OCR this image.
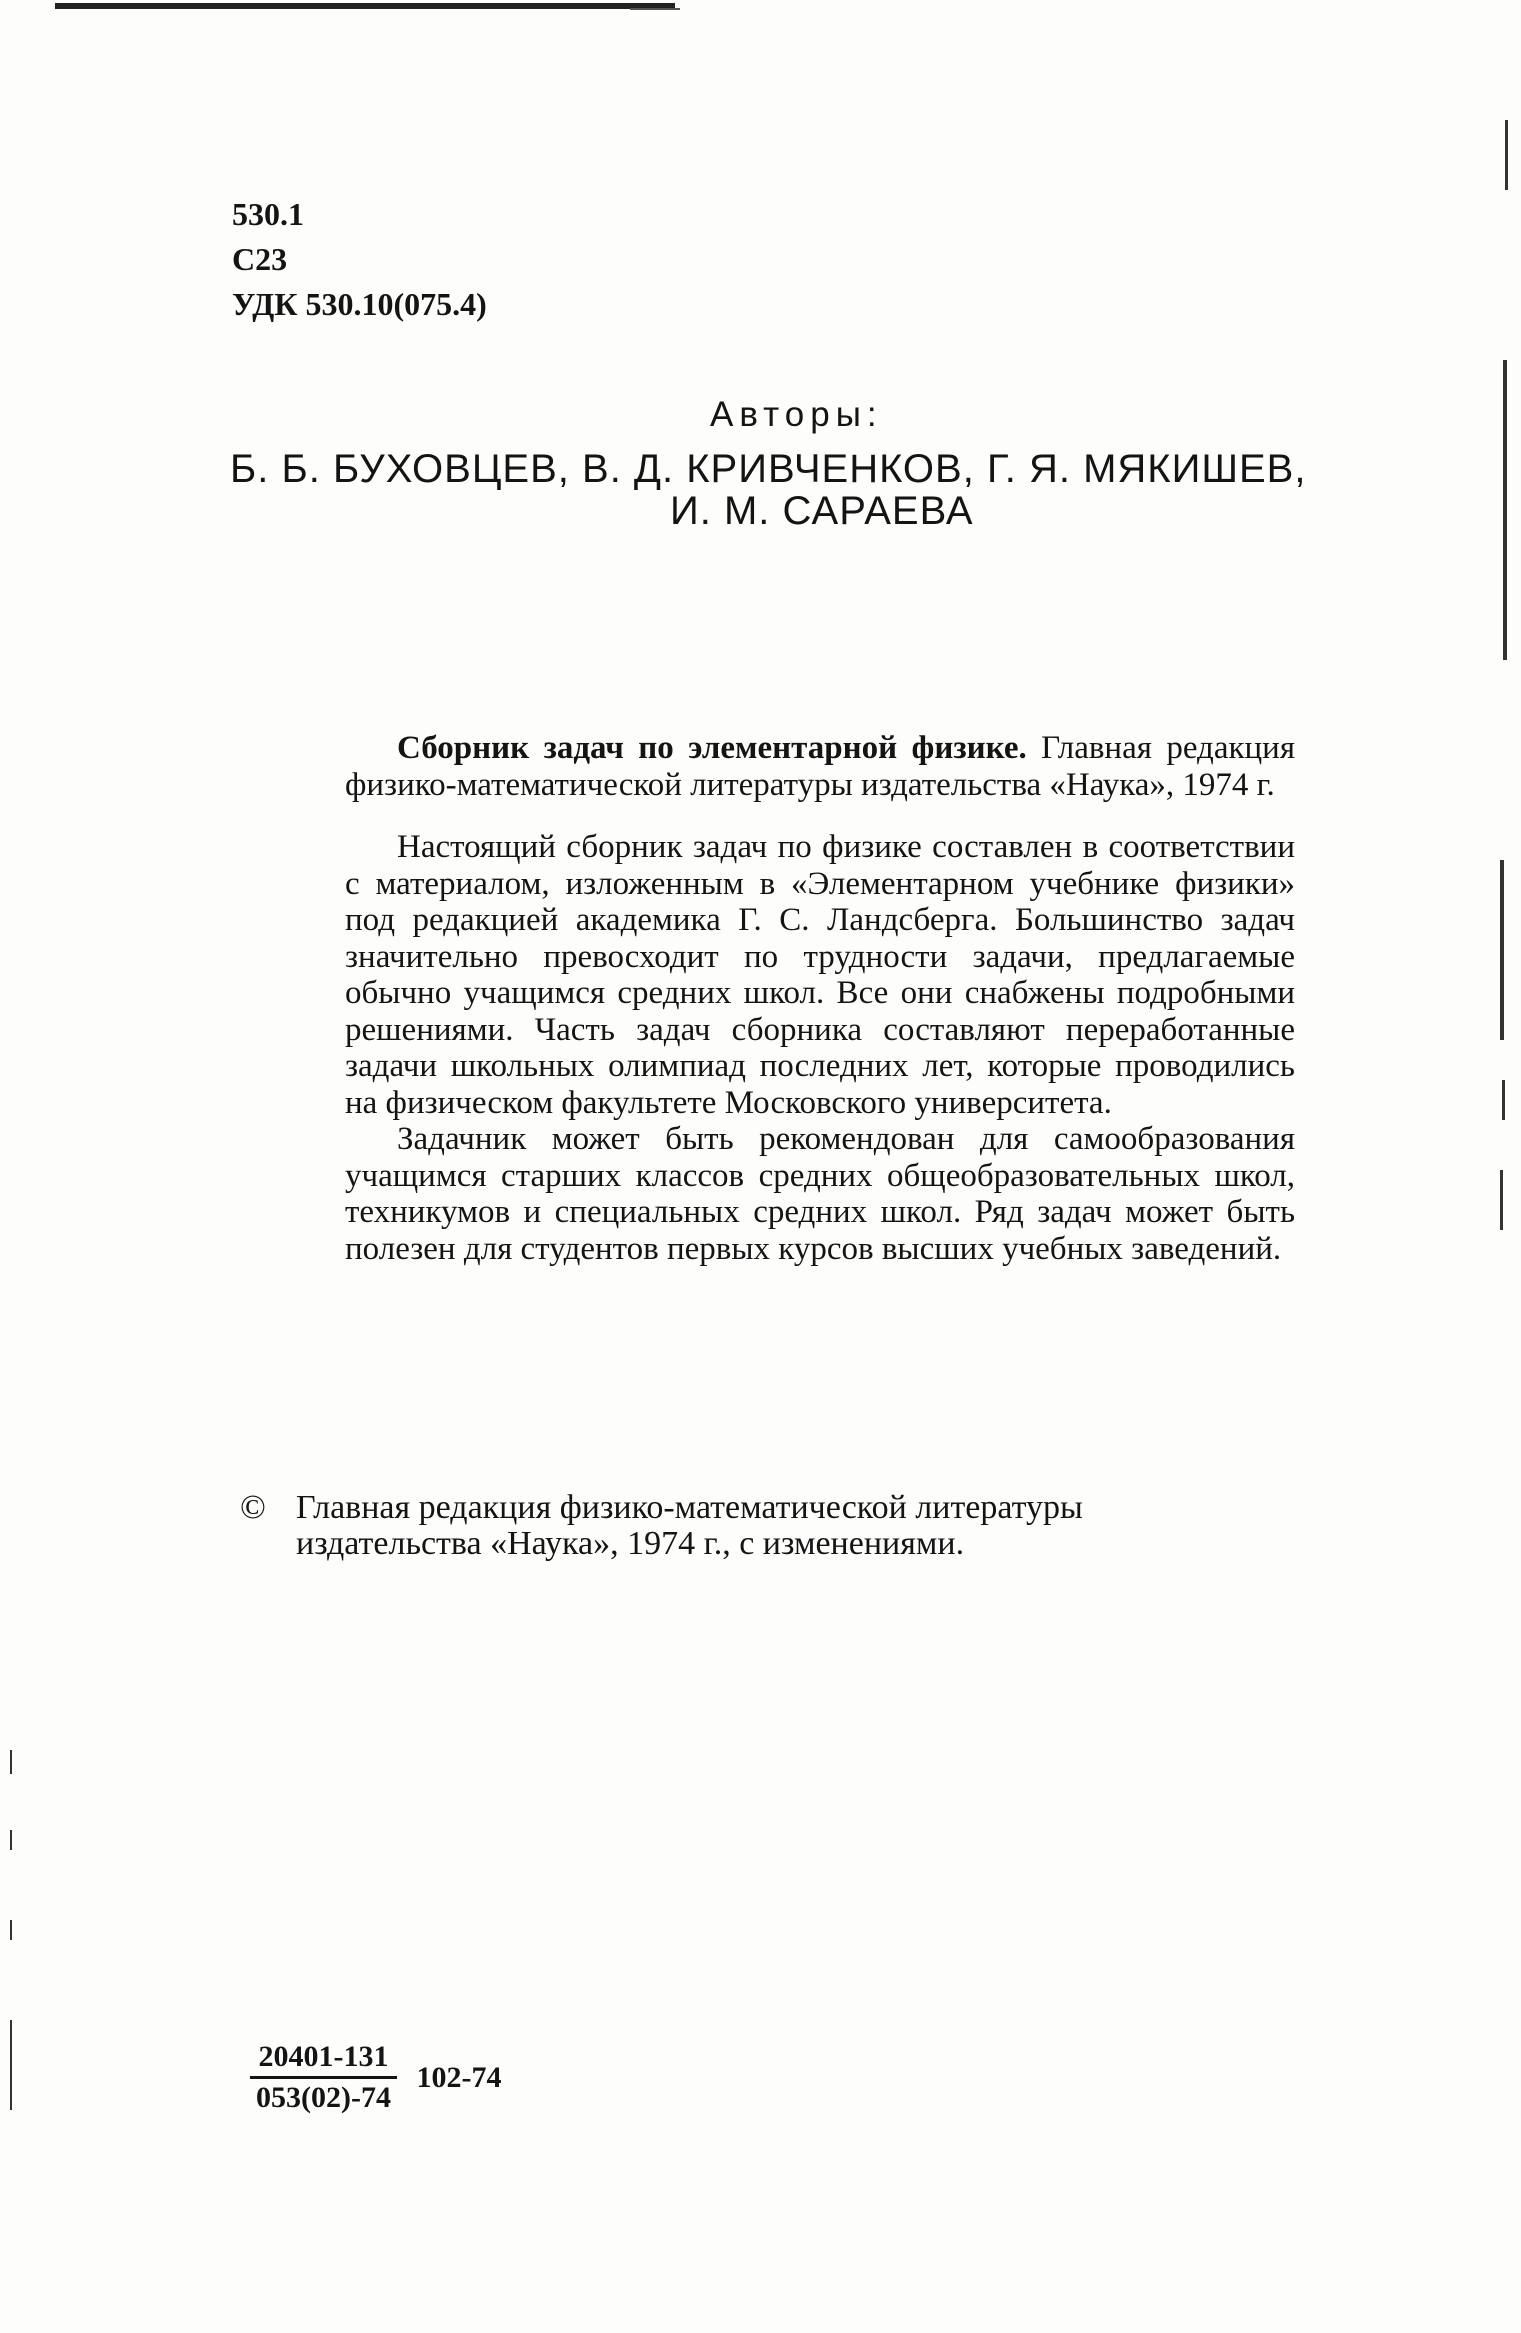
530.1
С23
УДК 530.10(075.4)
Авторы:
Б. Б. БУХОВЦЕВ, В. Д. КРИВЧЕНКОВ, Г. Я. МЯКИШЕВ,
И. М. САРАЕВА

Сборник задач по элементарной физике. Главная редакция физико-математической литературы издательства «Наука», 1974 г.

Настоящий сборник задач по физике составлен в соответствии с материалом, изложенным в «Элементарном учебнике физики» под редакцией академика Г. С. Ландсберга. Большинство задач значительно превосходит по трудности задачи, предлагаемые обычно учащимся средних школ. Все они снабжены подробными решениями. Часть задач сборника составляют переработанные задачи школьных олимпиад последних лет, которые проводились на физическом факультете Московского университета.

Задачник может быть рекомендован для самообразования учащимся старших классов средних общеобразовательных школ, техникумов и специальных средних школ. Ряд задач может быть полезен для студентов первых курсов высших учебных заведений.

© Главная редакция физико-математической литературы издательства «Наука», 1974 г., с изменениями.
$\frac{20401-131}{053(02)-74} 102-74$
